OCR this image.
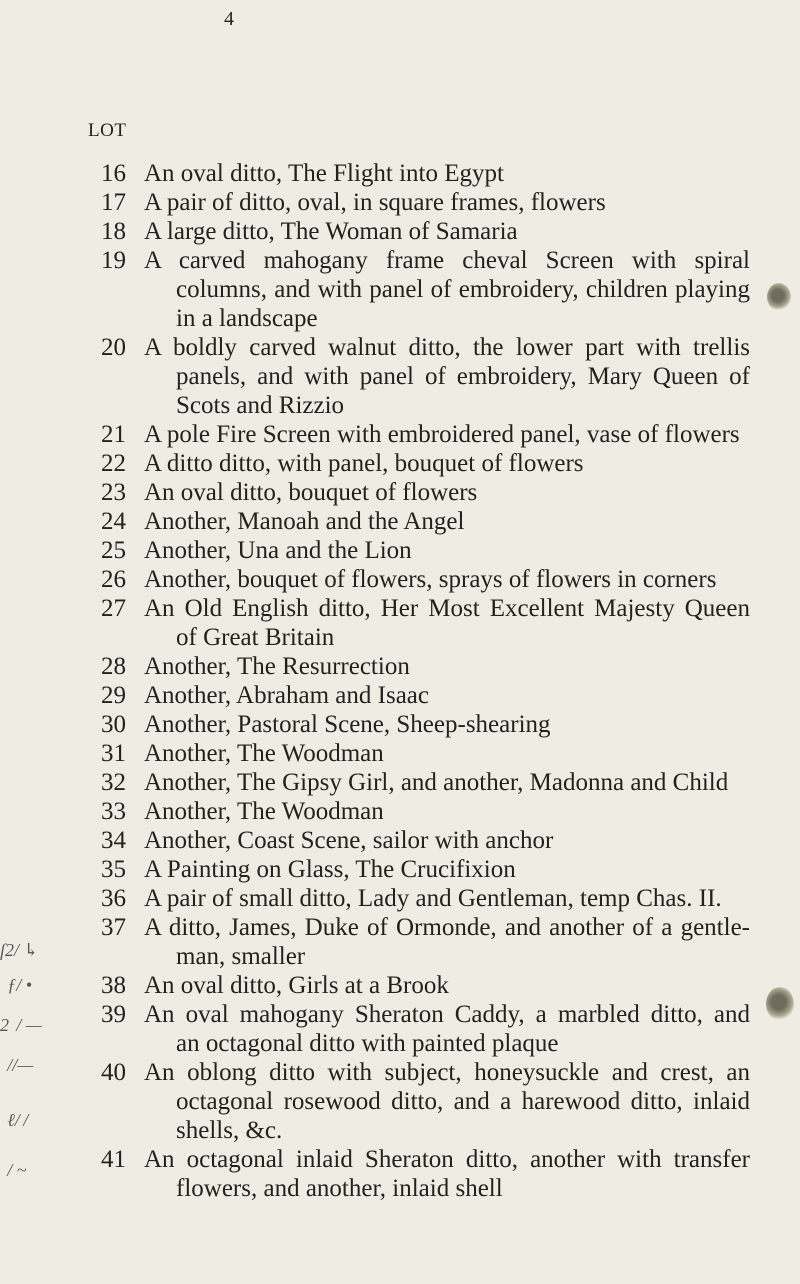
4
LOT
ſ2/ ↳
  ƒ/ •
2  / —
  //—
  ℓ/ /
  / ~
16 An oval ditto, The Flight into Egypt
17 A pair of ditto, oval, in square frames, flowers
18 A large ditto, The Woman of Samaria
19 A carved mahogany frame cheval Screen with spiral
columns, and with panel of embroidery, children playing
in a landscape
20 A boldly carved walnut ditto, the lower part with trellis
panels, and with panel of embroidery, Mary Queen of
Scots and Rizzio
21 A pole Fire Screen with embroidered panel, vase of flowers
22 A ditto ditto, with panel, bouquet of flowers
23 An oval ditto, bouquet of flowers
24 Another, Manoah and the Angel
25 Another, Una and the Lion
26 Another, bouquet of flowers, sprays of flowers in corners
27 An Old English ditto, Her Most Excellent Majesty Queen
of Great Britain
28 Another, The Resurrection
29 Another, Abraham and Isaac
30 Another, Pastoral Scene, Sheep-shearing
31 Another, The Woodman
32 Another, The Gipsy Girl, and another, Madonna and Child
33 Another, The Woodman
34 Another, Coast Scene, sailor with anchor
35 A Painting on Glass, The Crucifixion
36 A pair of small ditto, Lady and Gentleman, temp Chas. II.
37 A ditto, James, Duke of Ormonde, and another of a gentle-
man, smaller
38 An oval ditto, Girls at a Brook
39 An oval mahogany Sheraton Caddy, a marbled ditto, and
an octagonal ditto with painted plaque
40 An oblong ditto with subject, honeysuckle and crest, an
octagonal rosewood ditto, and a harewood ditto, inlaid
shells, &c.
41 An octagonal inlaid Sheraton ditto, another with transfer
flowers, and another, inlaid shell
